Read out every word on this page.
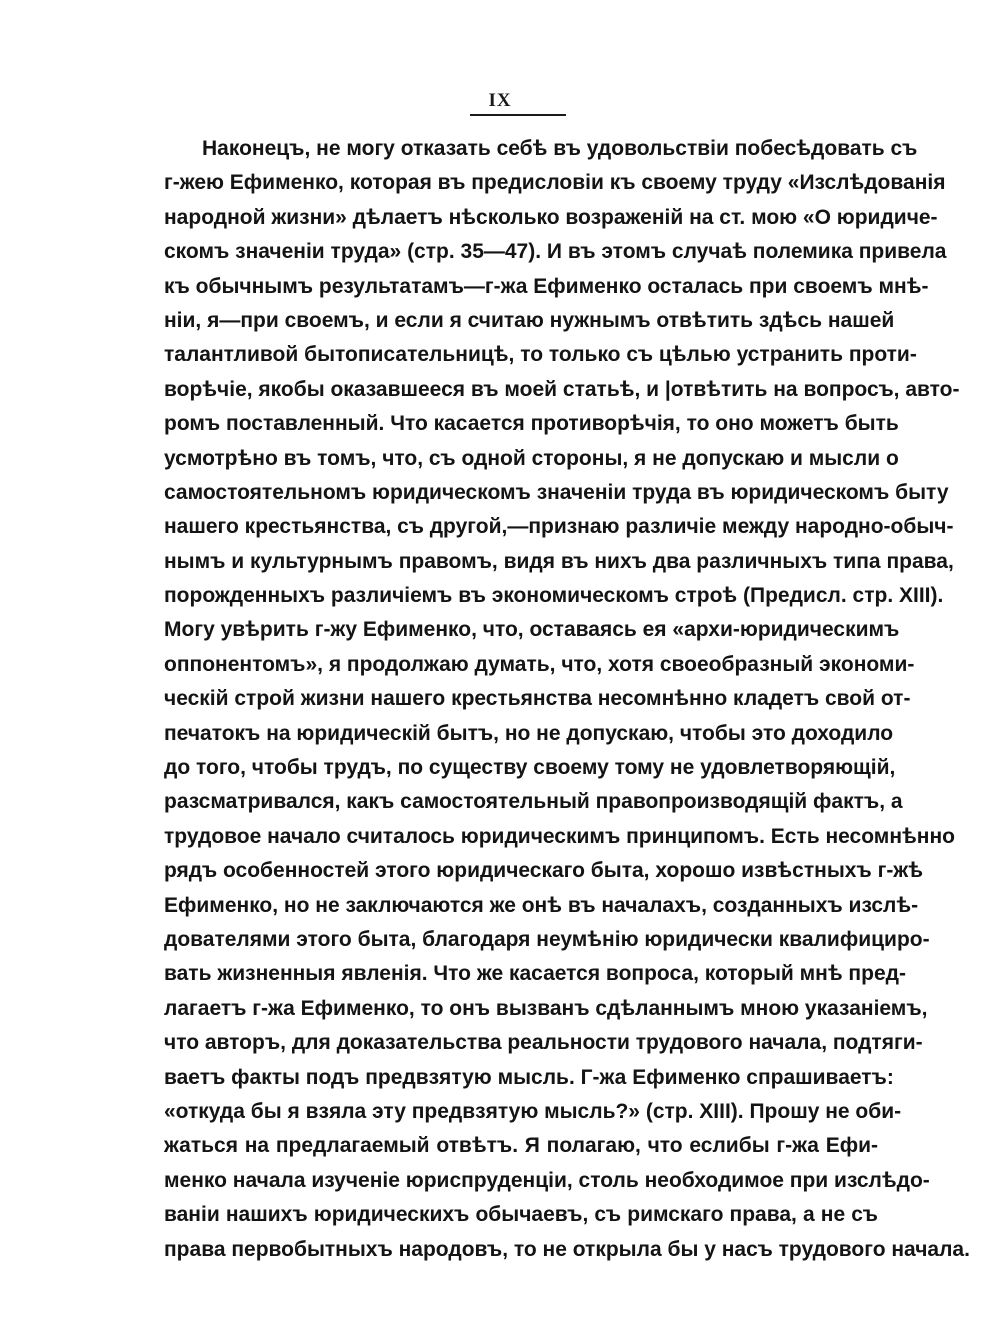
IX
Наконецъ, не могу отказать себѣ въ удовольствіи побесѣдовать съ
г-жею Ефименко, которая въ предисловіи къ своему труду «Изслѣдованія
народной жизни» дѣлаетъ нѣсколько возраженій на ст. мою «О юридиче-
скомъ значеніи труда» (стр. 35—47). И въ этомъ случаѣ полемика привела
къ обычнымъ результатамъ—г-жа Ефименко осталась при своемъ мнѣ-
ніи, я—при своемъ, и если я считаю нужнымъ отвѣтить здѣсь нашей
талантливой бытописательницѣ, то только съ цѣлью устранить проти-
ворѣчіе, якобы оказавшееся въ моей статьѣ, и |отвѣтить на вопросъ, авто-
ромъ поставленный. Что касается противорѣчія, то оно можетъ быть
усмотрѣно въ томъ, что, съ одной стороны, я не допускаю и мысли о
самостоятельномъ юридическомъ значеніи труда въ юридическомъ быту
нашего крестьянства, съ другой,—признаю различіе между народно-обыч-
нымъ и культурнымъ правомъ, видя въ нихъ два различныхъ типа права,
порожденныхъ различіемъ въ экономическомъ строѣ (Предисл. стр. XIII).
Могу увѣрить г-жу Ефименко, что, оставаясь ея «архи-юридическимъ
оппонентомъ», я продолжаю думать, что, хотя своеобразный экономи-
ческій строй жизни нашего крестьянства несомнѣнно кладетъ свой от-
печатокъ на юридическій бытъ, но не допускаю, чтобы это доходило
до того, чтобы трудъ, по существу своему тому не удовлетворяющій,
разсматривался, какъ самостоятельный правопроизводящій фактъ, а
трудовое начало считалось юридическимъ принципомъ. Есть несомнѣнно
рядъ особенностей этого юридическаго быта, хорошо извѣстныхъ г-жѣ
Ефименко, но не заключаются же онѣ въ началахъ, созданныхъ изслѣ-
дователями этого быта, благодаря неумѣнію юридически квалифициро-
вать жизненныя явленія. Что же касается вопроса, который мнѣ пред-
лагаетъ г-жа Ефименко, то онъ вызванъ сдѣланнымъ мною указаніемъ,
что авторъ, для доказательства реальности трудового начала, подтяги-
ваетъ факты подъ предвзятую мысль. Г-жа Ефименко спрашиваетъ:
«откуда бы я взяла эту предвзятую мысль?» (стр. XIII). Прошу не оби-
жаться на предлагаемый отвѣтъ. Я полагаю, что еслибы г-жа Ефи-
менко начала изученіе юриспруденціи, столь необходимое при изслѣдо-
ваніи нашихъ юридическихъ обычаевъ, съ римскаго права, а не съ
права первобытныхъ народовъ, то не открыла бы у насъ трудового начала.
